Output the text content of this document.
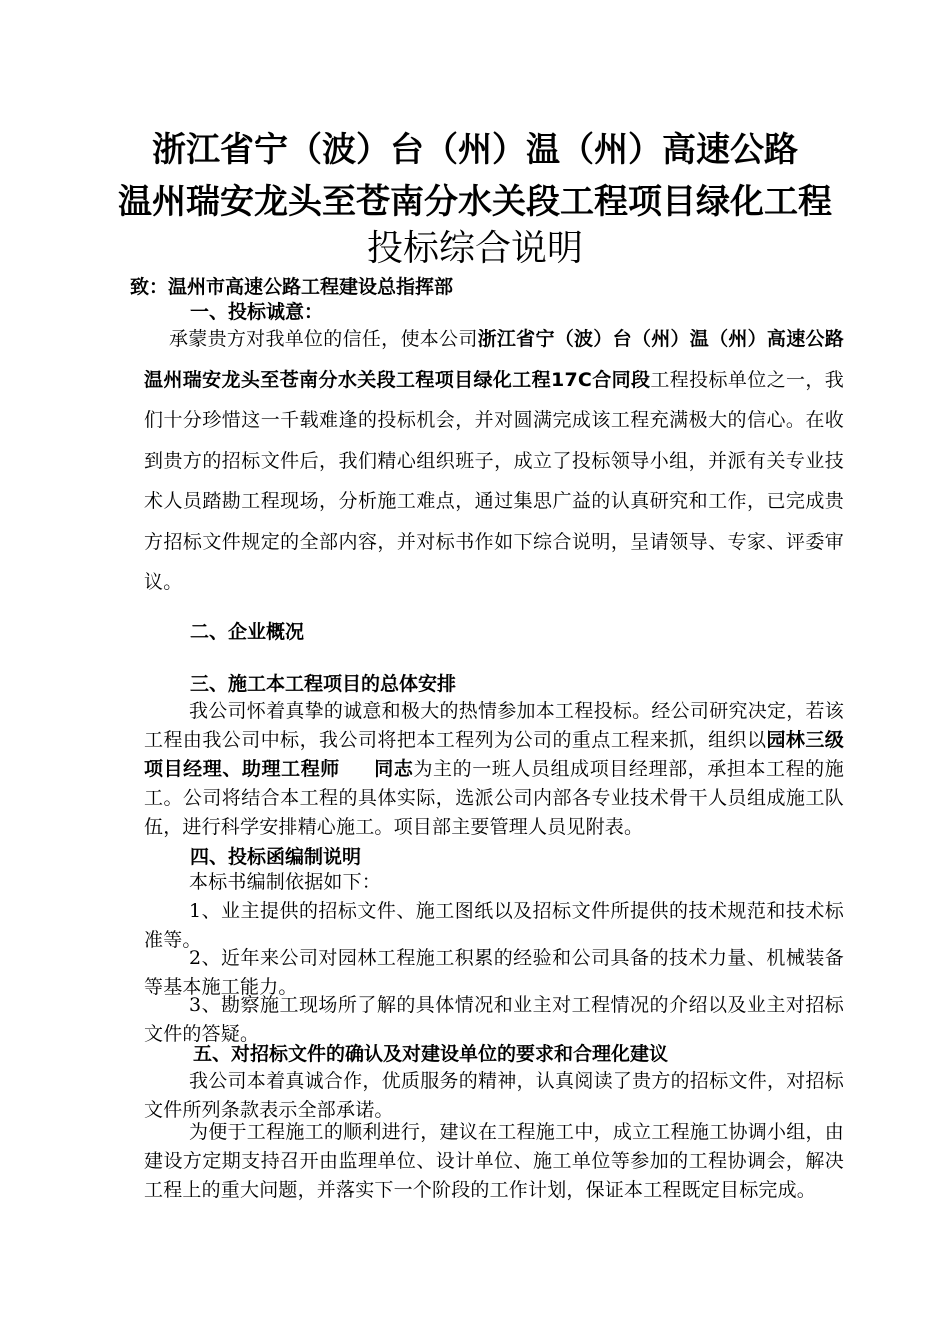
浙江省宁（波）台（州）温（州）高速公路
温州瑞安龙头至苍南分水关段工程项目绿化工程
投标综合说明
致：温州市高速公路工程建设总指挥部
一、投标诚意：
承蒙贵方对我单位的信任，使本公司浙江省宁（波）台（州）温（州）高速公路温州瑞安龙头至苍南分水关段工程项目绿化工程17C合同段工程投标单位之一，我们十分珍惜这一千载难逢的投标机会，并对圆满完成该工程充满极大的信心。在收到贵方的招标文件后，我们精心组织班子，成立了投标领导小组，并派有关专业技术人员踏勘工程现场，分析施工难点，通过集思广益的认真研究和工作，已完成贵方招标文件规定的全部内容，并对标书作如下综合说明，呈请领导、专家、评委审议。
二、企业概况
三、施工本工程项目的总体安排
我公司怀着真挚的诚意和极大的热情参加本工程投标。经公司研究决定，若该工程由我公司中标，我公司将把本工程列为公司的重点工程来抓，组织以园林三级项目经理、助理工程师 同志为主的一班人员组成项目经理部，承担本工程的施工。公司将结合本工程的具体实际，选派公司内部各专业技术骨干人员组成施工队伍，进行科学安排精心施工。项目部主要管理人员见附表。
四、投标函编制说明
本标书编制依据如下：
1、业主提供的招标文件、施工图纸以及招标文件所提供的技术规范和技术标准等。
2、近年来公司对园林工程施工积累的经验和公司具备的技术力量、机械装备等基本施工能力。
3、勘察施工现场所了解的具体情况和业主对工程情况的介绍以及业主对招标文件的答疑。
五、对招标文件的确认及对建设单位的要求和合理化建议
我公司本着真诚合作，优质服务的精神，认真阅读了贵方的招标文件，对招标文件所列条款表示全部承诺。
为便于工程施工的顺利进行，建议在工程施工中，成立工程施工协调小组，由建设方定期支持召开由监理单位、设计单位、施工单位等参加的工程协调会，解决工程上的重大问题，并落实下一个阶段的工作计划，保证本工程既定目标完成。
